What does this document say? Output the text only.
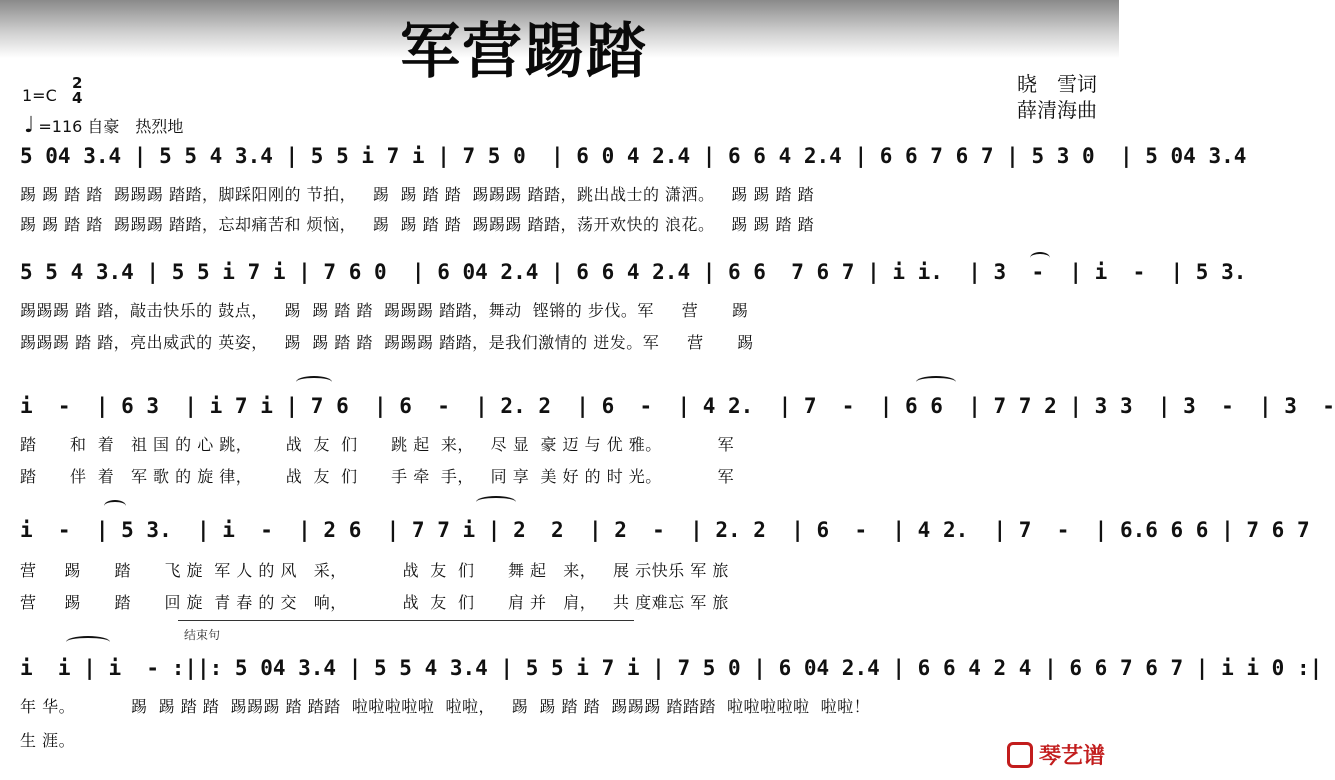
军营踢踏	晓　雪词
薛清海曲
1=C
2
4
♩ =116 自豪　热烈地
5 04 3.4 | 5 5 4 3.4 | 5 5 i 7 i | 7 5 0  | 6 0 4 2.4 | 6 6 4 2.4 | 6 6 7 6 7 | 5 3 0  | 5 04 3.4
踢 踢 踏 踏  踢踢踢 踏踏，脚踩阳刚的 节拍，   踢  踢 踏 踏  踢踢踢 踏踏，跳出战士的 潇洒。   踢 踢 踏 踏
踢 踢 踏 踏  踢踢踢 踏踏，忘却痛苦和 烦恼，   踢  踢 踏 踏  踢踢踢 踏踏，荡开欢快的 浪花。   踢 踢 踏 踏
5 5 4 3.4 | 5 5 i 7 i | 7 6 0  | 6 04 2.4 | 6 6 4 2.4 | 6 6  7 6 7 | i i.  | 3  -  | i  -  | 5 3.
踢踢踢 踏 踏，敲击快乐的 鼓点，   踢  踢 踏 踏  踢踢踢 踏踏，舞动  铿锵的 步伐。军     营      踢
踢踢踢 踏 踏，亮出威武的 英姿，   踢  踢 踏 踏  踢踢踢 踏踏，是我们激情的 迸发。军     营      踢
i  -  | 6 3  | i 7 i | 7 6  | 6  -  | 2. 2  | 6  -  | 4 2.  | 7  -  | 6 6  | 7 7 2 | 3 3  | 3  -  | 3  -
踏      和  着   祖 国 的 心 跳，      战  友  们      跳 起  来，   尽 显  豪 迈 与 优 雅。          军
踏      伴  着   军 歌 的 旋 律，      战  友  们      手 牵  手，   同 享  美 好 的 时 光。          军
i  -  | 5 3.  | i  -  | 2 6  | 7 7 i | 2  2  | 2  -  | 2. 2  | 6  -  | 4 2.  | 7  -  | 6.6 6 6 | 7 6 7
营     踢      踏      飞 旋  军 人 的 风   采，          战  友  们      舞 起   来，   展 示快乐 军 旅
营     踢      踏      回 旋  青 春 的 交   响，          战  友  们      肩 并   肩，   共 度难忘 军 旅
结束句
i  i | i  - :||: 5 04 3.4 | 5 5 4 3.4 | 5 5 i 7 i | 7 5 0 | 6 04 2.4 | 6 6 4 2 4 | 6 6 7 6 7 | i i 0 :|
年 华。          踢  踢 踏 踏  踢踢踢 踏 踏踏  啦啦啦啦啦  啦啦，   踢  踢 踏 踏  踢踢踢 踏踏踏  啦啦啦啦啦  啦啦！
生 涯。
琴艺谱
